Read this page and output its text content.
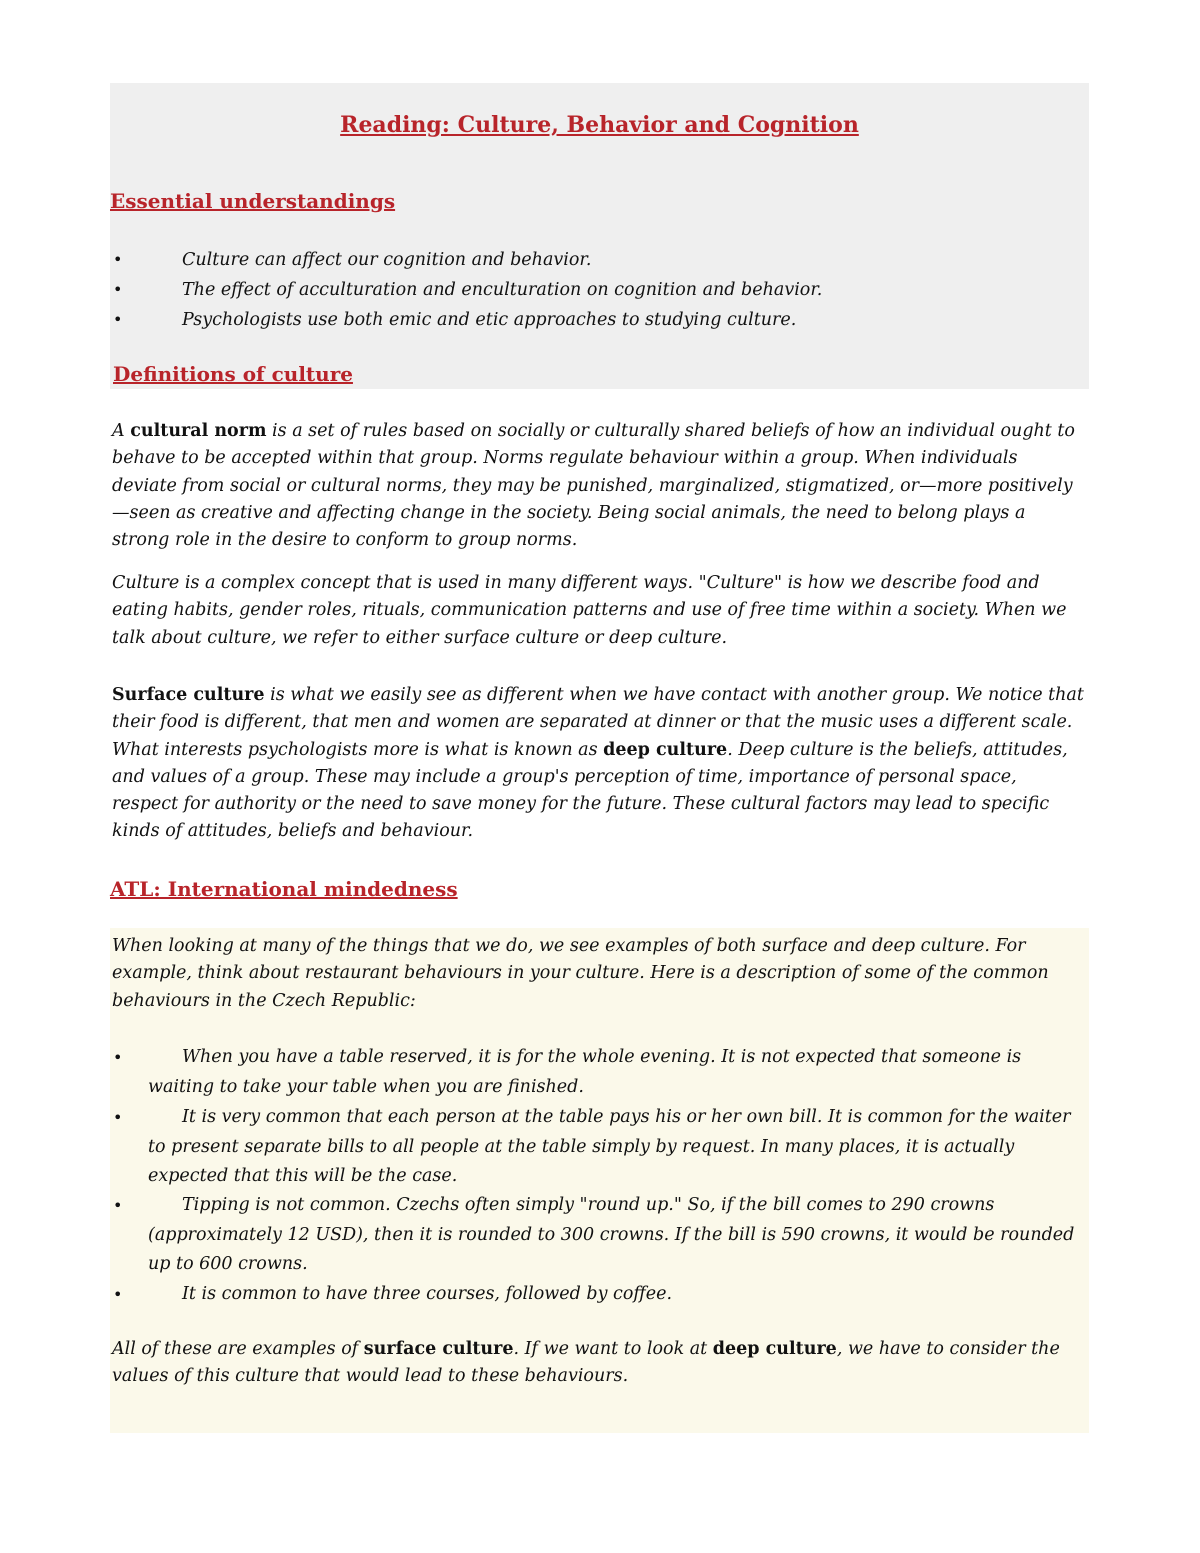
Reading: Culture, Behavior and Cognition
Essential understandings
•	Culture can affect our cognition and behavior.
•	The effect of acculturation and enculturation on cognition and behavior.
•	Psychologists use both emic and etic approaches to studying culture.
Definitions of culture

A cultural norm is a set of rules based on socially or culturally shared beliefs of how an individual ought to behave to be accepted within that group. Norms regulate behaviour within a group. When individuals deviate from social or cultural norms, they may be punished, marginalized, stigmatized, or—more positively—seen as creative and affecting change in the society. Being social animals, the need to belong plays a strong role in the desire to conform to group norms.

Culture is a complex concept that is used in many different ways. "Culture" is how we describe food and eating habits, gender roles, rituals, communication patterns and use of free time within a society. When we talk about culture, we refer to either surface culture or deep culture.

Surface culture is what we easily see as different when we have contact with another group. We notice that their food is different, that men and women are separated at dinner or that the music uses a different scale. What interests psychologists more is what is known as deep culture. Deep culture is the beliefs, attitudes, and values of a group. These may include a group's perception of time, importance of personal space, respect for authority or the need to save money for the future. These cultural factors may lead to specific kinds of attitudes, beliefs and behaviour.

ATL: International mindedness

When looking at many of the things that we do, we see examples of both surface and deep culture. For example, think about restaurant behaviours in your culture. Here is a description of some of the common behaviours in the Czech Republic:

•	When you have a table reserved, it is for the whole evening. It is not expected that someone is waiting to take your table when you are finished.
•	It is very common that each person at the table pays his or her own bill. It is common for the waiter to present separate bills to all people at the table simply by request. In many places, it is actually expected that this will be the case.
•	Tipping is not common. Czechs often simply "round up." So, if the bill comes to 290 crowns (approximately 12 USD), then it is rounded to 300 crowns. If the bill is 590 crowns, it would be rounded up to 600 crowns.
•	It is common to have three courses, followed by coffee.

All of these are examples of surface culture. If we want to look at deep culture, we have to consider the values of this culture that would lead to these behaviours.
